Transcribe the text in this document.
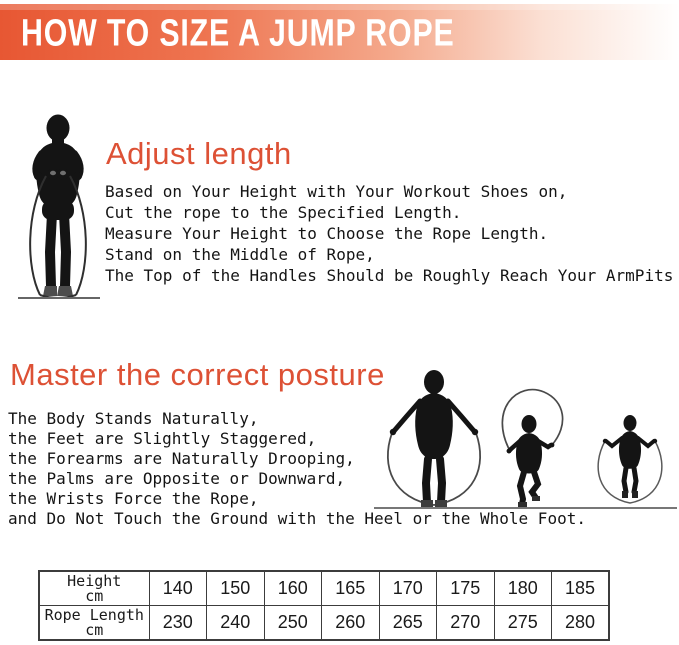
HOW TO SIZE A JUMP ROPE
Adjust length
Based on Your Height with Your Workout Shoes on,
Cut the rope to the Specified Length.
Measure Your Height to Choose the Rope Length.
Stand on the Middle of Rope,
The Top of the Handles Should be Roughly Reach Your ArmPits
Master the correct posture
The Body Stands Naturally,
the Feet are Slightly Staggered,
the Forearms are Naturally Drooping,
the Palms are Opposite or Downward,
the Wrists Force the Rope,
and Do Not Touch the Ground with the Heel or the Whole Foot.
Height
cm	140	150	160	165	170	175	180	185

Rope Length
cm	230	240	250	260	265	270	275	280
